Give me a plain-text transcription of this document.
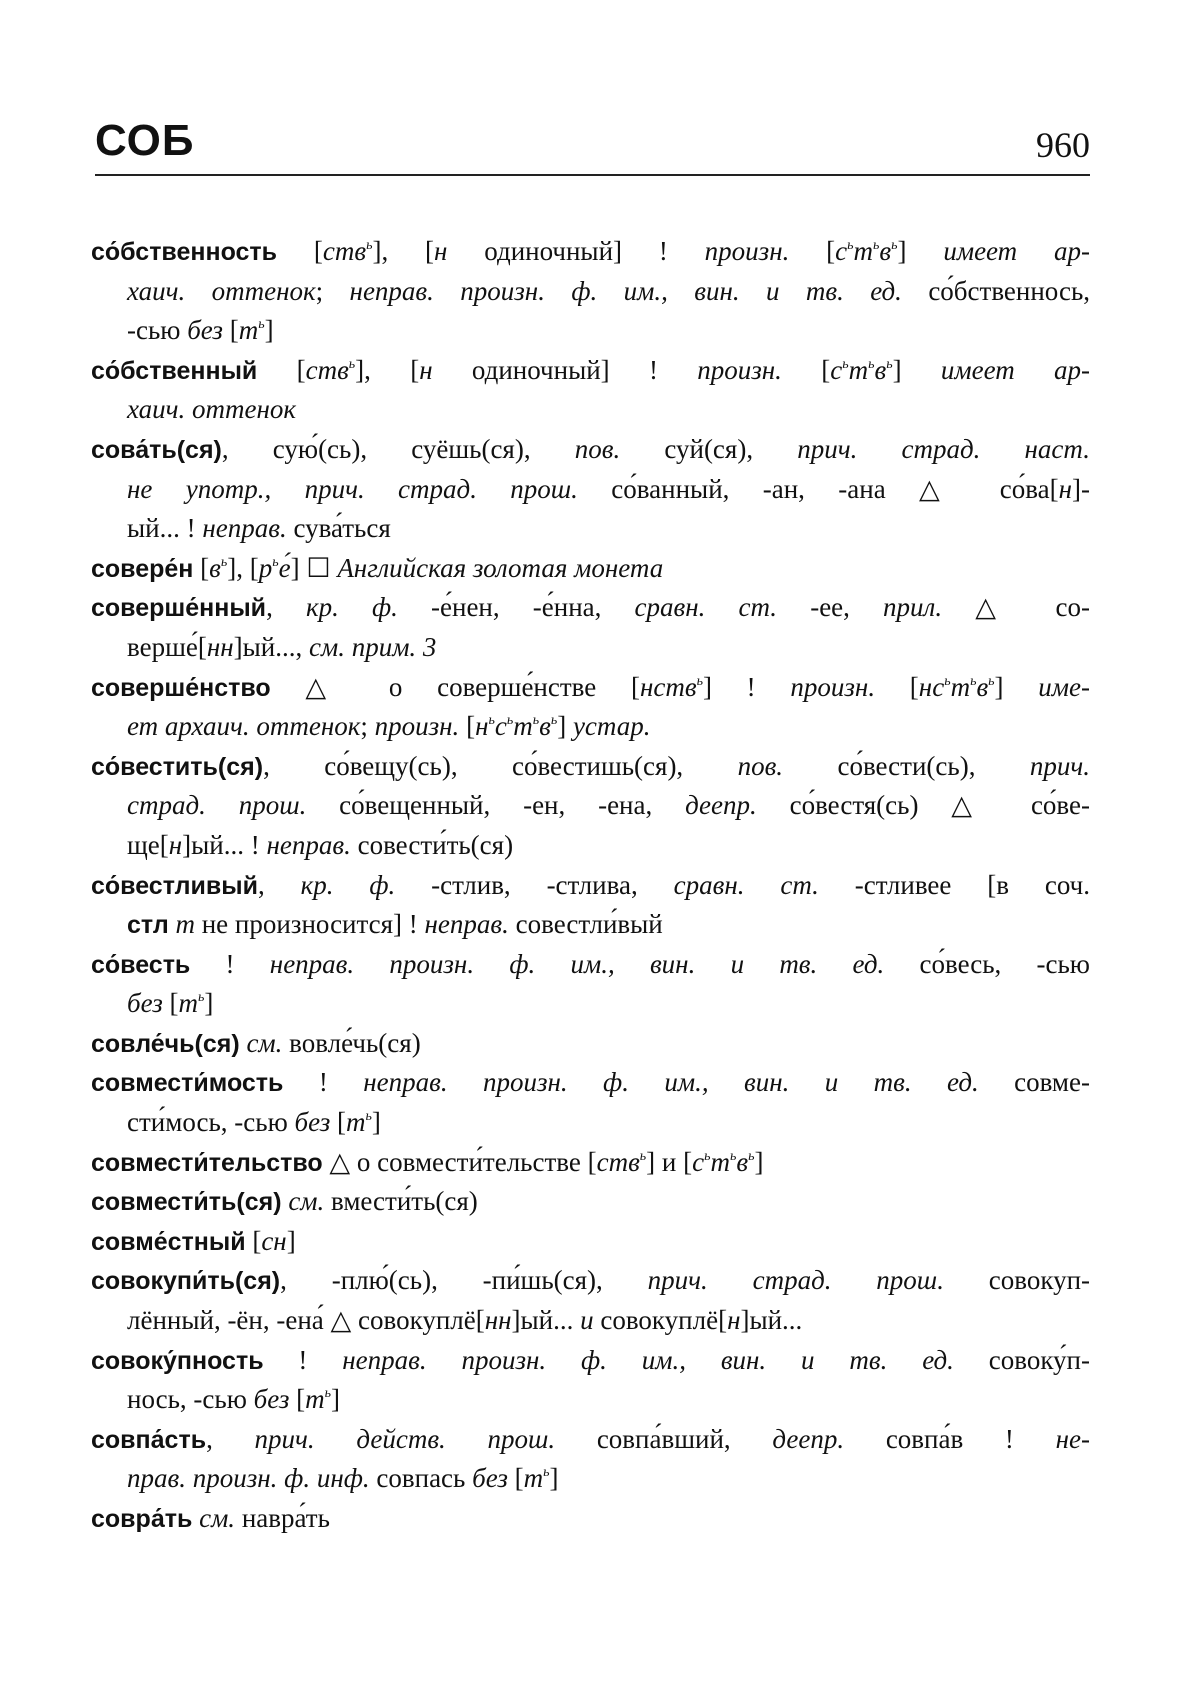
СОБ	960
со́бственность [ств$^ь$], [н одиночный] ! произн. $[с^ьт^ьв^ь]$ имеет ар-
хаич. оттенок; неправ. произн. ф. им., вин. и тв. ед. со́бственнось,
-сью без $[т^ь]$
со́бственный [ств$^ь$], [н одиночный] ! произн. $[с^ьт^ьв^ь]$ имеет ар-
хаич. оттенок
сова́ть(ся), сую́(сь), суёшь(ся), пов. суй(ся), прич. страд. наст.
не употр., прич. страд. прош. со́ванный, -ан, -ана △ со́ва[н]-
ый... ! неправ. сува́ться
совере́н $[в^ь]$, $[р^ье́]$ ☐ Английская золотая монета
соверше́нный, кр. ф. -е́нен, -е́нна, сравн. ст. -ее, прил. △ со-
верше́[нн]ый..., см. прим. 3
соверше́нство △ о соверше́нстве [нств$^ь$] ! произн. $[нс^ьт^ьв^ь]$ име-
ет архаич. оттенок; произн. $[н^ьс^ьт^ьв^ь]$ устар.
со́вестить(ся), со́вещу(сь), со́вестишь(ся), пов. со́вести(сь), прич.
страд. прош. со́вещенный, -ен, -ена, деепр. со́вестя(сь) △ со́ве-
ще[н]ый... ! неправ. совести́ть(ся)
со́вестливый, кр. ф. -стлив, -стлива, сравн. ст. -стливее [в соч.
стл т не произносится] ! неправ. совестли́вый
со́весть ! неправ. произн. ф. им., вин. и тв. ед. со́весь, -сью
без $[т^ь]$
совле́чь(ся) см. вовле́чь(ся)
совмести́мость ! неправ. произн. ф. им., вин. и тв. ед. совме-
сти́мось, -сью без $[т^ь]$
совмести́тельство △ о совмести́тельстве [ств$^ь$] и $[с^ьт^ьв^ь]$
совмести́ть(ся) см. вмести́ть(ся)
совме́стный [сн]
совокупи́ть(ся), -плю́(сь), -пи́шь(ся), прич. страд. прош. совокуп-
лённый, -ён, -ена́ △ совокуплё[нн]ый... и совокуплё[н]ый...
совоку́пность ! неправ. произн. ф. им., вин. и тв. ед. совоку́п-
нось, -сью без $[т^ь]$
совпа́сть, прич. действ. прош. совпа́вший, деепр. совпа́в ! не-
прав. произн. ф. инф. совпась без $[т^ь]$
совра́ть см. навра́ть
